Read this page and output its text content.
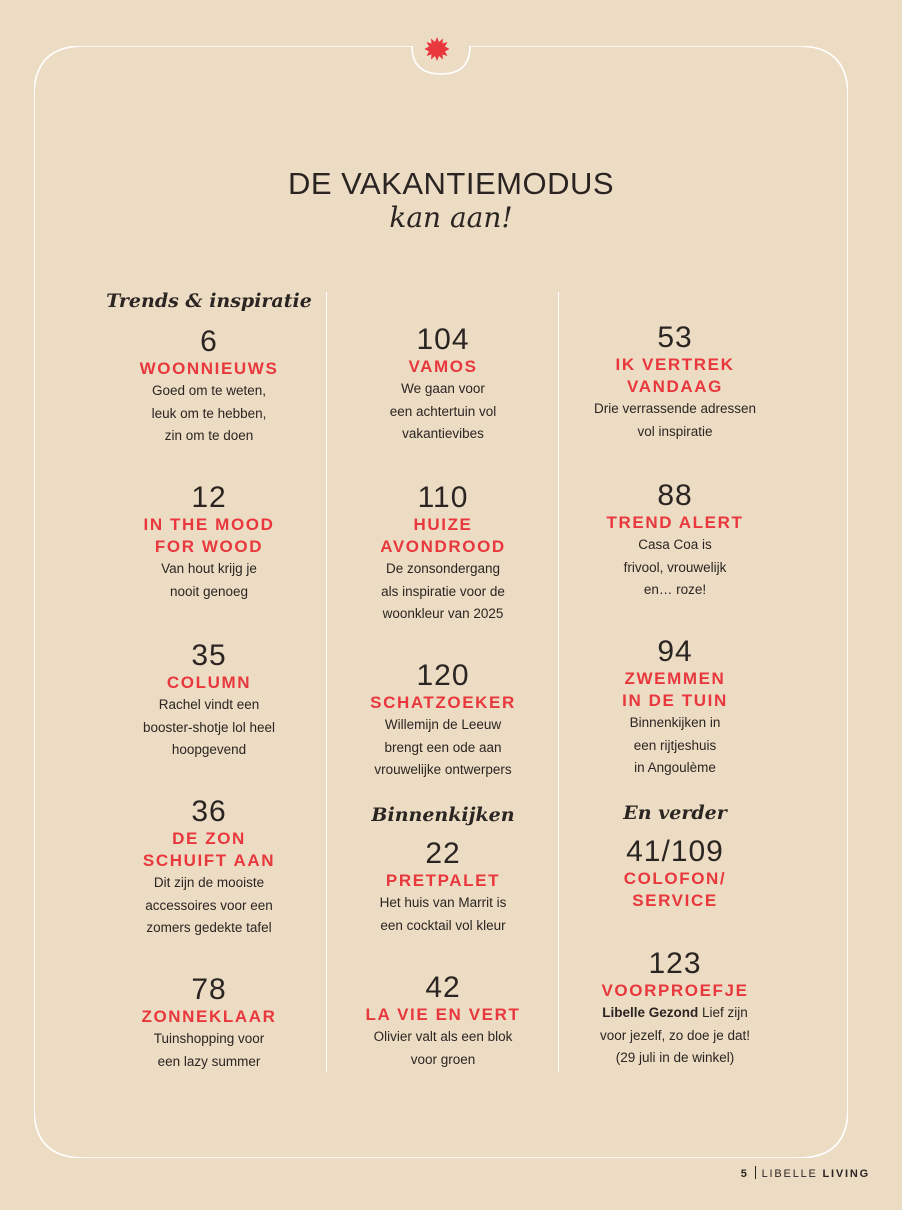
DE VAKANTIEMODUS
kan aan!
Trends & inspiratie
6
WOONNIEUWS
Goed om te weten,
leuk om te hebben,
zin om te doen
12
IN THE MOOD
FOR WOOD
Van hout krijg je
nooit genoeg
35
COLUMN
Rachel vindt een
booster-shotje lol heel
hoopgevend
36
DE ZON
SCHUIFT AAN
Dit zijn de mooiste
accessoires voor een
zomers gedekte tafel
78
ZONNEKLAAR
Tuinshopping voor
een lazy summer
104
VAMOS
We gaan voor
een achtertuin vol
vakantievibes
110
HUIZE
AVONDROOD
De zonsondergang
als inspiratie voor de
woonkleur van 2025
120
SCHATZOEKER
Willemijn de Leeuw
brengt een ode aan
vrouwelijke ontwerpers
Binnenkijken
22
PRETPALET
Het huis van Marrit is
een cocktail vol kleur
42
LA VIE EN VERT
Olivier valt als een blok
voor groen
53
IK VERTREK
VANDAAG
Drie verrassende adressen
vol inspiratie
88
TREND ALERT
Casa Coa is
frivool, vrouwelijk
en… roze!
94
ZWEMMEN
IN DE TUIN
Binnenkijken in
een rijtjeshuis
in Angoulème
En verder
41/109
COLOFON/
SERVICE
123
VOORPROEFJE
Libelle Gezond Lief zijn
voor jezelf, zo doe je dat!
(29 juli in de winkel)
5 LIBELLE LIVING
